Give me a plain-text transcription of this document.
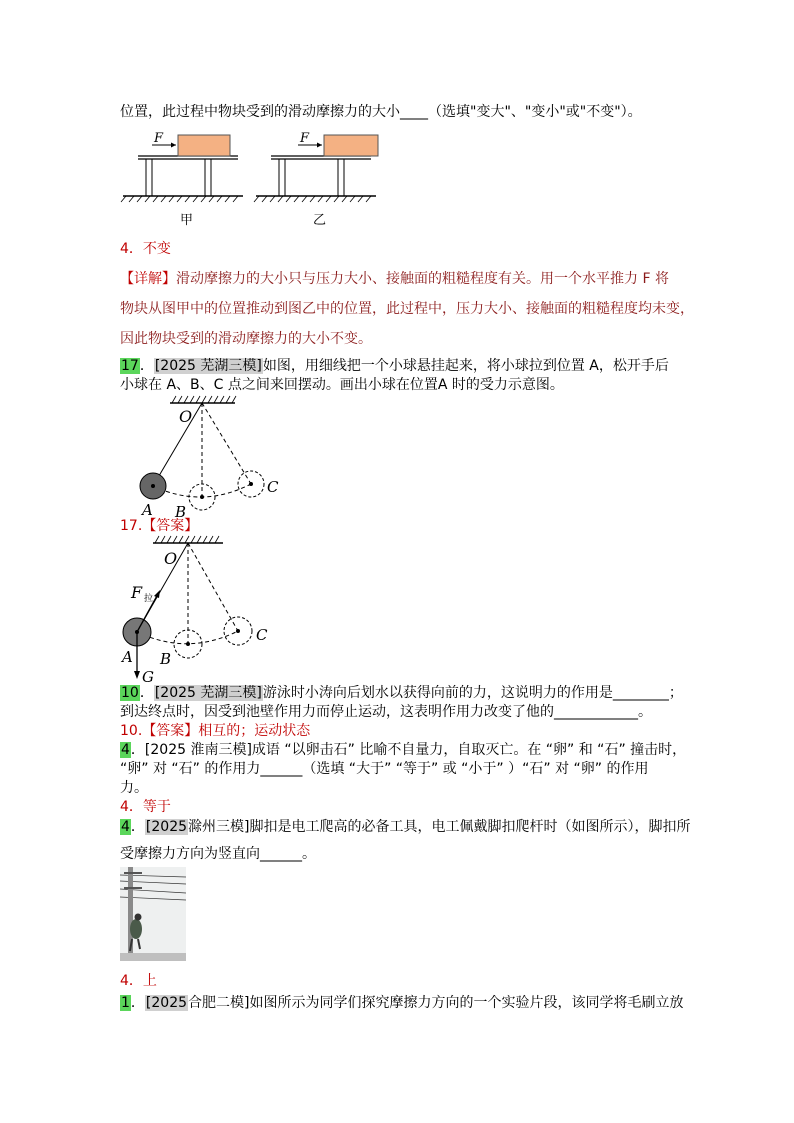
位置，此过程中物块受到的滑动摩擦力的大小____（选填"变大"、"变小"或"不变"）。
F
甲
F
乙
4．不变
【详解】滑动摩擦力的大小只与压力大小、接触面的粗糙程度有关。用一个水平推力 F 将
物块从图甲中的位置推动到图乙中的位置，此过程中，压力大小、接触面的粗糙程度均未变，
因此物块受到的滑动摩擦力的大小不变。
17．[2025 芜湖三模]如图，用细线把一个小球悬挂起来，将小球拉到位置 A，松开手后
小球在 A、B、C 点之间来回摆动。画出小球在位置A 时的受力示意图。
O
A B
C
17.【答案】
O
F 拉
A B
C
G
10．[2025 芜湖三模]游泳时小涛向后划水以获得向前的力，这说明力的作用是________；
到达终点时，因受到池壁作用力而停止运动，这表明作用力改变了他的____________。
10.【答案】相互的；运动状态
4．[2025 淮南三模]成语 “以卵击石” 比喻不自量力，自取灭亡。在 “卵” 和 “石” 撞击时，
“卵” 对 “石” 的作用力______（选填 “大于” “等于” 或 “小于” ）“石” 对 “卵” 的作用
力。
4．等于
4．[2025滁州三模]脚扣是电工爬高的必备工具，电工佩戴脚扣爬杆时（如图所示），脚扣所
受摩擦力方向为竖直向______。
4．上
1．[2025合肥二模]如图所示为同学们探究摩擦力方向的一个实验片段，该同学将毛刷立放
